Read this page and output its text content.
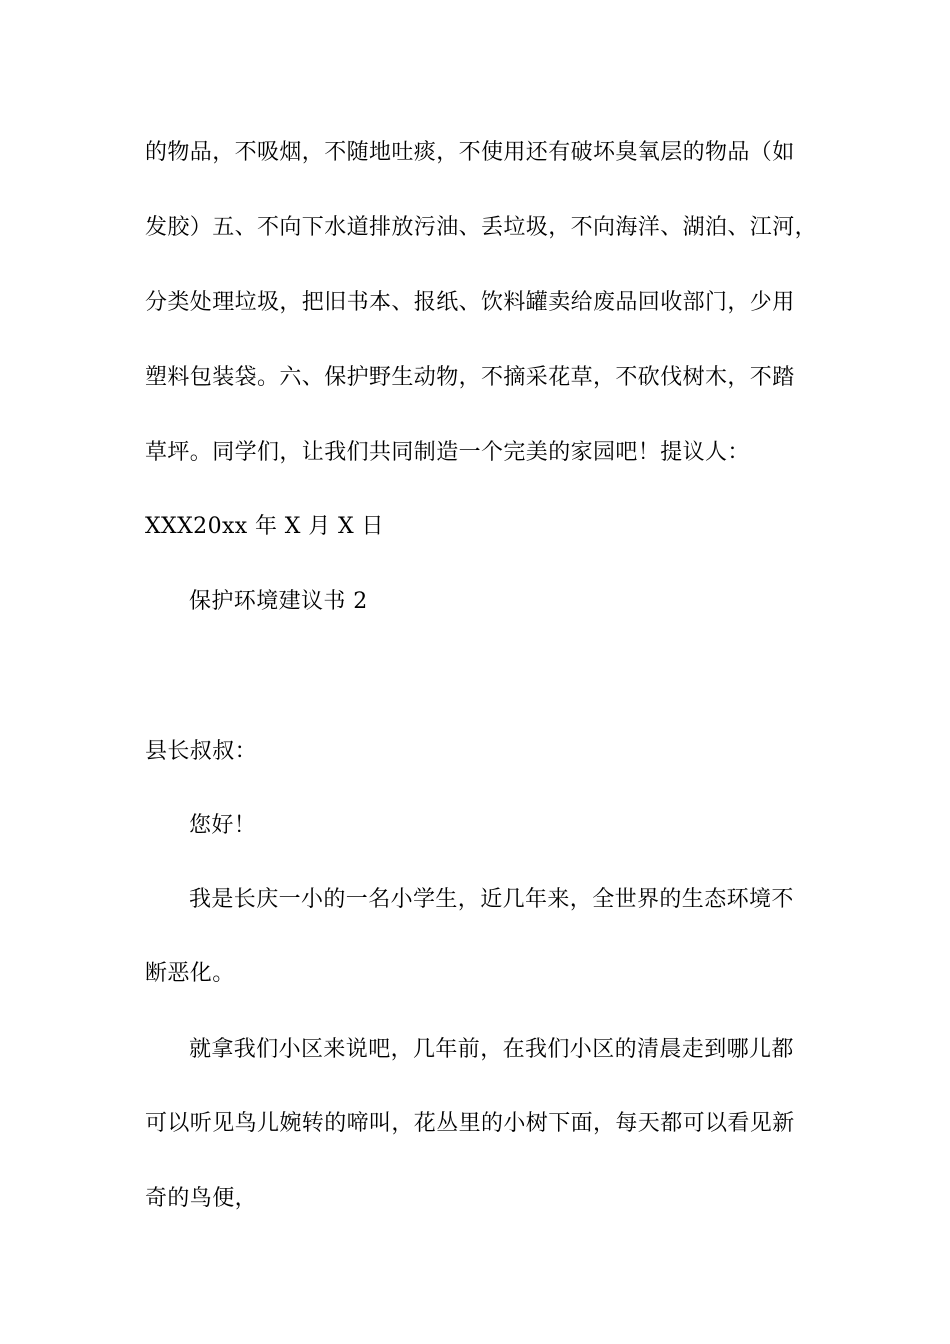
的物品，不吸烟，不随地吐痰，不使用还有破坏臭氧层的物品（如
发胶）五、不向下水道排放污油、丢垃圾，不向海洋、湖泊、江河，
分类处理垃圾，把旧书本、报纸、饮料罐卖给废品回收部门，少用
塑料包装袋。六、保护野生动物，不摘采花草，不砍伐树木，不踏
草坪。同学们，让我们共同制造一个完美的家园吧！提议人：
XXX20xx 年 X 月 X 日
保护环境建议书 2
县长叔叔：
您好！
我是长庆一小的一名小学生，近几年来，全世界的生态环境不
断恶化。
就拿我们小区来说吧，几年前，在我们小区的清晨走到哪儿都
可以听见鸟儿婉转的啼叫，花丛里的小树下面，每天都可以看见新
奇的鸟便，
